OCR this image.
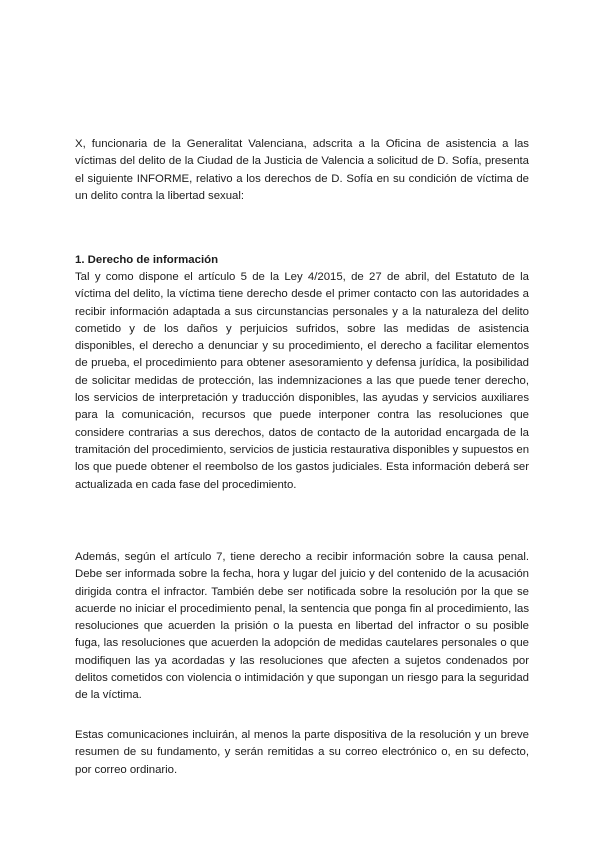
X, funcionaria de la Generalitat Valenciana, adscrita a la Oficina de asistencia a las víctimas del delito de la Ciudad de la Justicia de Valencia a solicitud de D. Sofía, presenta el siguiente INFORME, relativo a los derechos de D. Sofía en su condición de víctima de un delito contra la libertad sexual:

1. Derecho de información

Tal y como dispone el artículo 5 de la Ley 4/2015, de 27 de abril, del Estatuto de la víctima del delito, la víctima tiene derecho desde el primer contacto con las autoridades a recibir información adaptada a sus circunstancias personales y a la naturaleza del delito cometido y de los daños y perjuicios sufridos, sobre las medidas de asistencia disponibles, el derecho a denunciar y su procedimiento, el derecho a facilitar elementos de prueba, el procedimiento para obtener asesoramiento y defensa jurídica, la posibilidad de solicitar medidas de protección, las indemnizaciones a las que puede tener derecho, los servicios de interpretación y traducción disponibles, las ayudas y servicios auxiliares para la comunicación, recursos que puede interponer contra las resoluciones que considere contrarias a sus derechos, datos de contacto de la autoridad encargada de la tramitación del procedimiento, servicios de justicia restaurativa disponibles y supuestos en los que puede obtener el reembolso de los gastos judiciales. Esta información deberá ser actualizada en cada fase del procedimiento.

Además, según el artículo 7, tiene derecho a recibir información sobre la causa penal. Debe ser informada sobre la fecha, hora y lugar del juicio y del contenido de la acusación dirigida contra el infractor. También debe ser notificada sobre la resolución por la que se acuerde no iniciar el procedimiento penal, la sentencia que ponga fin al procedimiento, las resoluciones que acuerden la prisión o la puesta en libertad del infractor o su posible fuga, las resoluciones que acuerden la adopción de medidas cautelares personales o que modifiquen las ya acordadas y las resoluciones que afecten a sujetos condenados por delitos cometidos con violencia o intimidación y que supongan un riesgo para la seguridad de la víctima.

Estas comunicaciones incluirán, al menos la parte dispositiva de la resolución y un breve resumen de su fundamento, y serán remitidas a su correo electrónico o, en su defecto, por correo ordinario.
